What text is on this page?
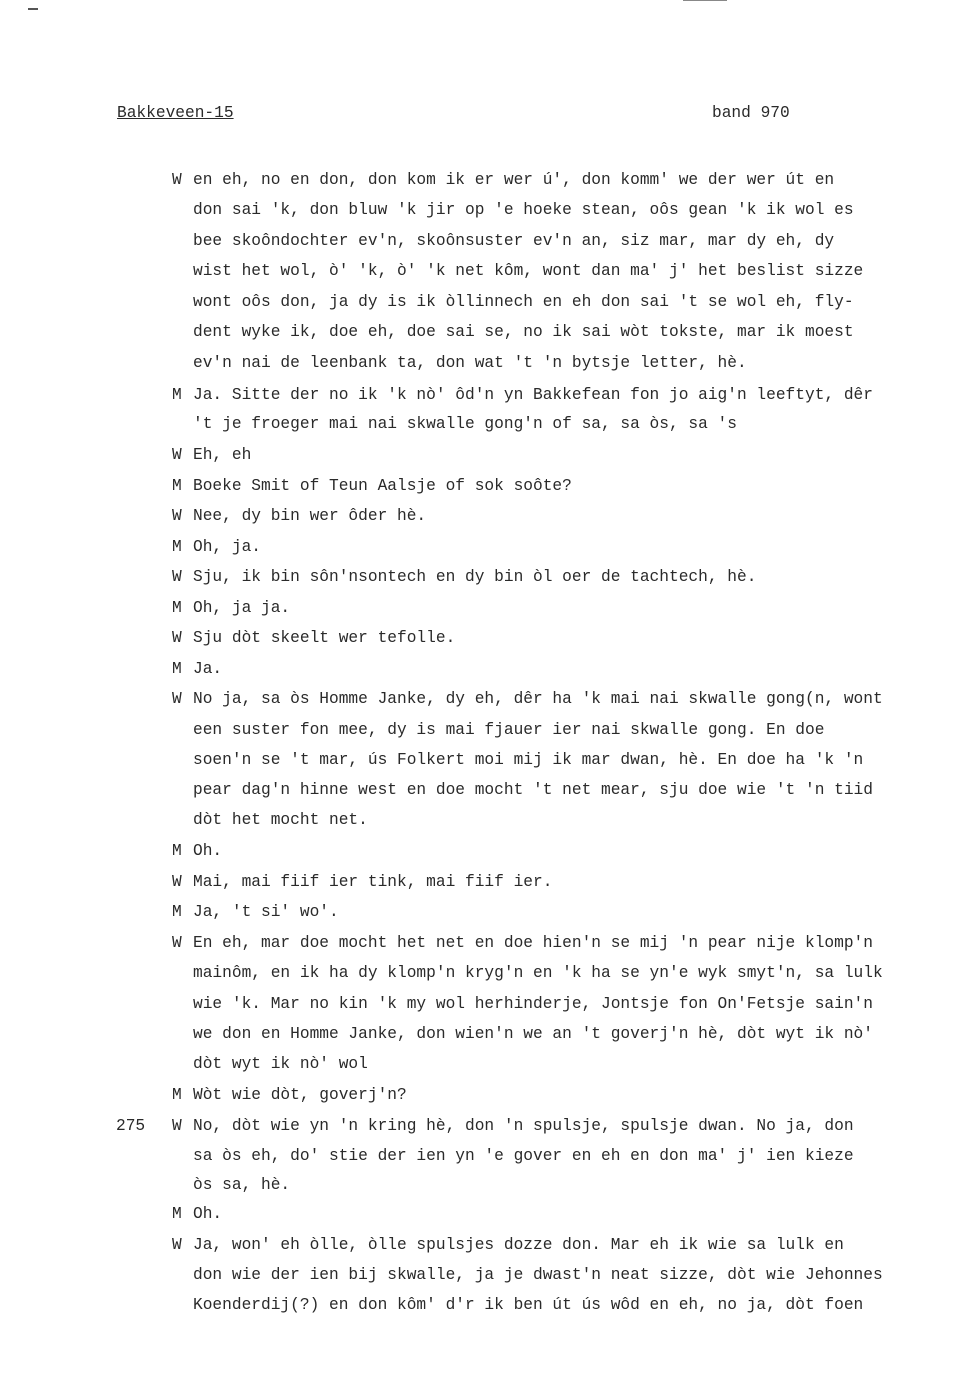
Bakkeveen-15	band 970
W en eh, no en don, don kom ik er wer ú', don komm' we der wer út en
don sai 'k, don bluw 'k jir op 'e hoeke stean, oôs gean 'k ik wol es
bee skoôndochter ev'n, skoônsuster ev'n an, siz mar, mar dy eh, dy
wist het wol, ò' 'k, ò' 'k net kôm, wont dan ma' j' het beslist sizze
wont oôs don, ja dy is ik òllinnech en eh don sai 't se wol eh, fly-
dent wyke ik, doe eh, doe sai se, no ik sai wòt tokste, mar ik moest
ev'n nai de leenbank ta, don wat 't 'n bytsje letter, hè.
M Ja. Sitte der no ik 'k nò' ôd'n yn Bakkefean fon jo aig'n leeftyt, dêr
't je froeger mai nai skwalle gong'n of sa, sa òs, sa 's
W Eh, eh
M Boeke Smit of Teun Aalsje of sok soôte?
W Nee, dy bin wer ôder hè.
M Oh, ja.
W Sju, ik bin sôn'nsontech en dy bin òl oer de tachtech, hè.
M Oh, ja ja.
W Sju dòt skeelt wer tefolle.
M Ja.
W No ja, sa òs Homme Janke, dy eh, dêr ha 'k mai nai skwalle gong(n, wont
een suster fon mee, dy is mai fjauer ier nai skwalle gong. En doe
soen'n se 't mar, ús Folkert moi mij ik mar dwan, hè. En doe ha 'k 'n
pear dag'n hinne west en doe mocht 't net mear, sju doe wie 't 'n tiid
dòt het mocht net.
M Oh.
W Mai, mai fiif ier tink, mai fiif ier.
M Ja, 't si' wo'.
W En eh, mar doe mocht het net en doe hien'n se mij 'n pear nije klomp'n
mainôm, en ik ha dy klomp'n kryg'n en 'k ha se yn'e wyk smyt'n, sa lulk
wie 'k. Mar no kin 'k my wol herhinderje, Jontsje fon On'Fetsje sain'n
we don en Homme Janke, don wien'n we an 't goverj'n hè, dòt wyt ik nò'
dòt wyt ik nò' wol
M Wòt wie dòt, goverj'n?
275 W No, dòt wie yn 'n kring hè, don 'n spulsje, spulsje dwan. No ja, don
sa òs eh, do' stie der ien yn 'e gover en eh en don ma' j' ien kieze
òs sa, hè.
M Oh.
W Ja, won' eh òlle, òlle spulsjes dozze don. Mar eh ik wie sa lulk en
don wie der ien bij skwalle, ja je dwast'n neat sizze, dòt wie Jehonnes
Koenderdij(?) en don kôm' d'r ik ben út ús wôd en eh, no ja, dòt foen
